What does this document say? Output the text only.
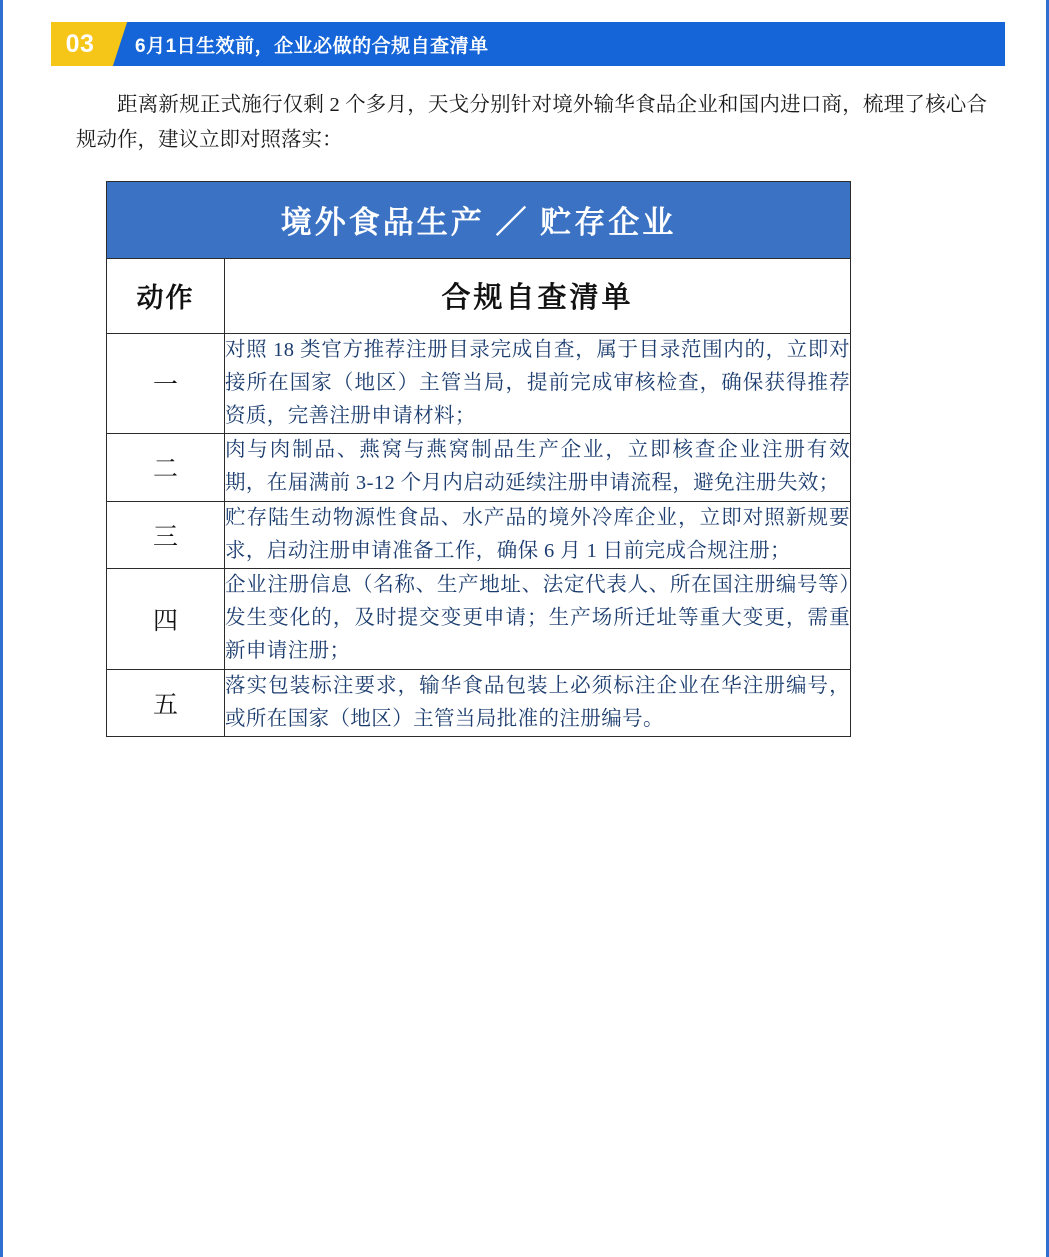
03	6月1日生效前，企业必做的合规自查清单

距离新规正式施行仅剩 2 个多月，天戈分别针对境外输华食品企业和国内进口商，梳理了核心合规动作，建议立即对照落实：

境外食品生产 ／ 贮存企业	
动作	合规自查清单
一	对照 18 类官方推荐注册目录完成自查，属于目录范围内的，立即对接所在国家（地区）主管当局，提前完成审核检查，确保获得推荐资质，完善注册申请材料；
二	肉与肉制品、燕窝与燕窝制品生产企业，立即核查企业注册有效期，在届满前 3-12 个月内启动延续注册申请流程，避免注册失效；
三	贮存陆生动物源性食品、水产品的境外冷库企业，立即对照新规要求，启动注册申请准备工作，确保 6 月 1 日前完成合规注册；
四	企业注册信息（名称、生产地址、法定代表人、所在国注册编号等）发生变化的，及时提交变更申请；生产场所迁址等重大变更，需重新申请注册；
五	落实包装标注要求，输华食品包装上必须标注企业在华注册编号，或所在国家（地区）主管当局批准的注册编号。
